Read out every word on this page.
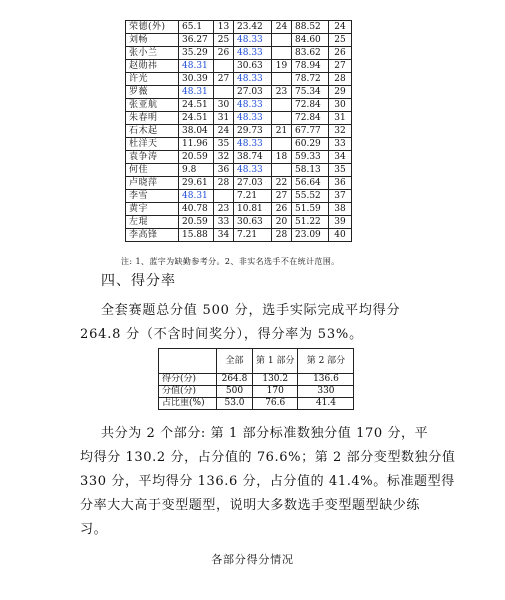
荣德(外)	65.1	13	23.42	24	88.52	24
刘畅	36.27	25	48.33		84.60	25
张小兰	35.29	26	48.33		83.62	26
赵勋祎	48.31		30.63	19	78.94	27
许光	30.39	27	48.33		78.72	28
罗薇	48.31		27.03	23	75.34	29
张亚航	24.51	30	48.33		72.84	30
朱春明	24.51	31	48.33		72.84	31
石木起	38.04	24	29.73	21	67.77	32
杜洋天	11.96	35	48.33		60.29	33
袁争涛	20.59	32	38.74	18	59.33	34
何佳	9.8	36	48.33		58.13	35
卢晓萍	29.61	28	27.03	22	56.64	36
李雪	48.31		7.21	27	55.52	37
黄宇	40.78	23	10.81	26	51.59	38
左琨	20.59	33	30.63	20	51.22	39
李高锋	15.88	34	7.21	28	23.09	40
注: 1、蓝字为缺勤参考分。2、非实名选手不在统计范围。
四、得分率
全套赛题总分值 500 分，选手实际完成平均得分
264.8 分（不含时间奖分），得分率为 53%。
	全部	第 1 部分	第 2 部分
得分(分)	264.8	130.2	136.6
分值(分)	500	170	330
占比重(%)	53.0	76.6	41.4
共分为 2 个部分: 第 1 部分标准数独分值 170 分，平
均得分 130.2 分，占分值的 76.6%；第 2 部分变型数独分值
330 分，平均得分 136.6 分，占分值的 41.4%。标准题型得
分率大大高于变型题型，说明大多数选手变型题型缺少练
习。
各部分得分情况
